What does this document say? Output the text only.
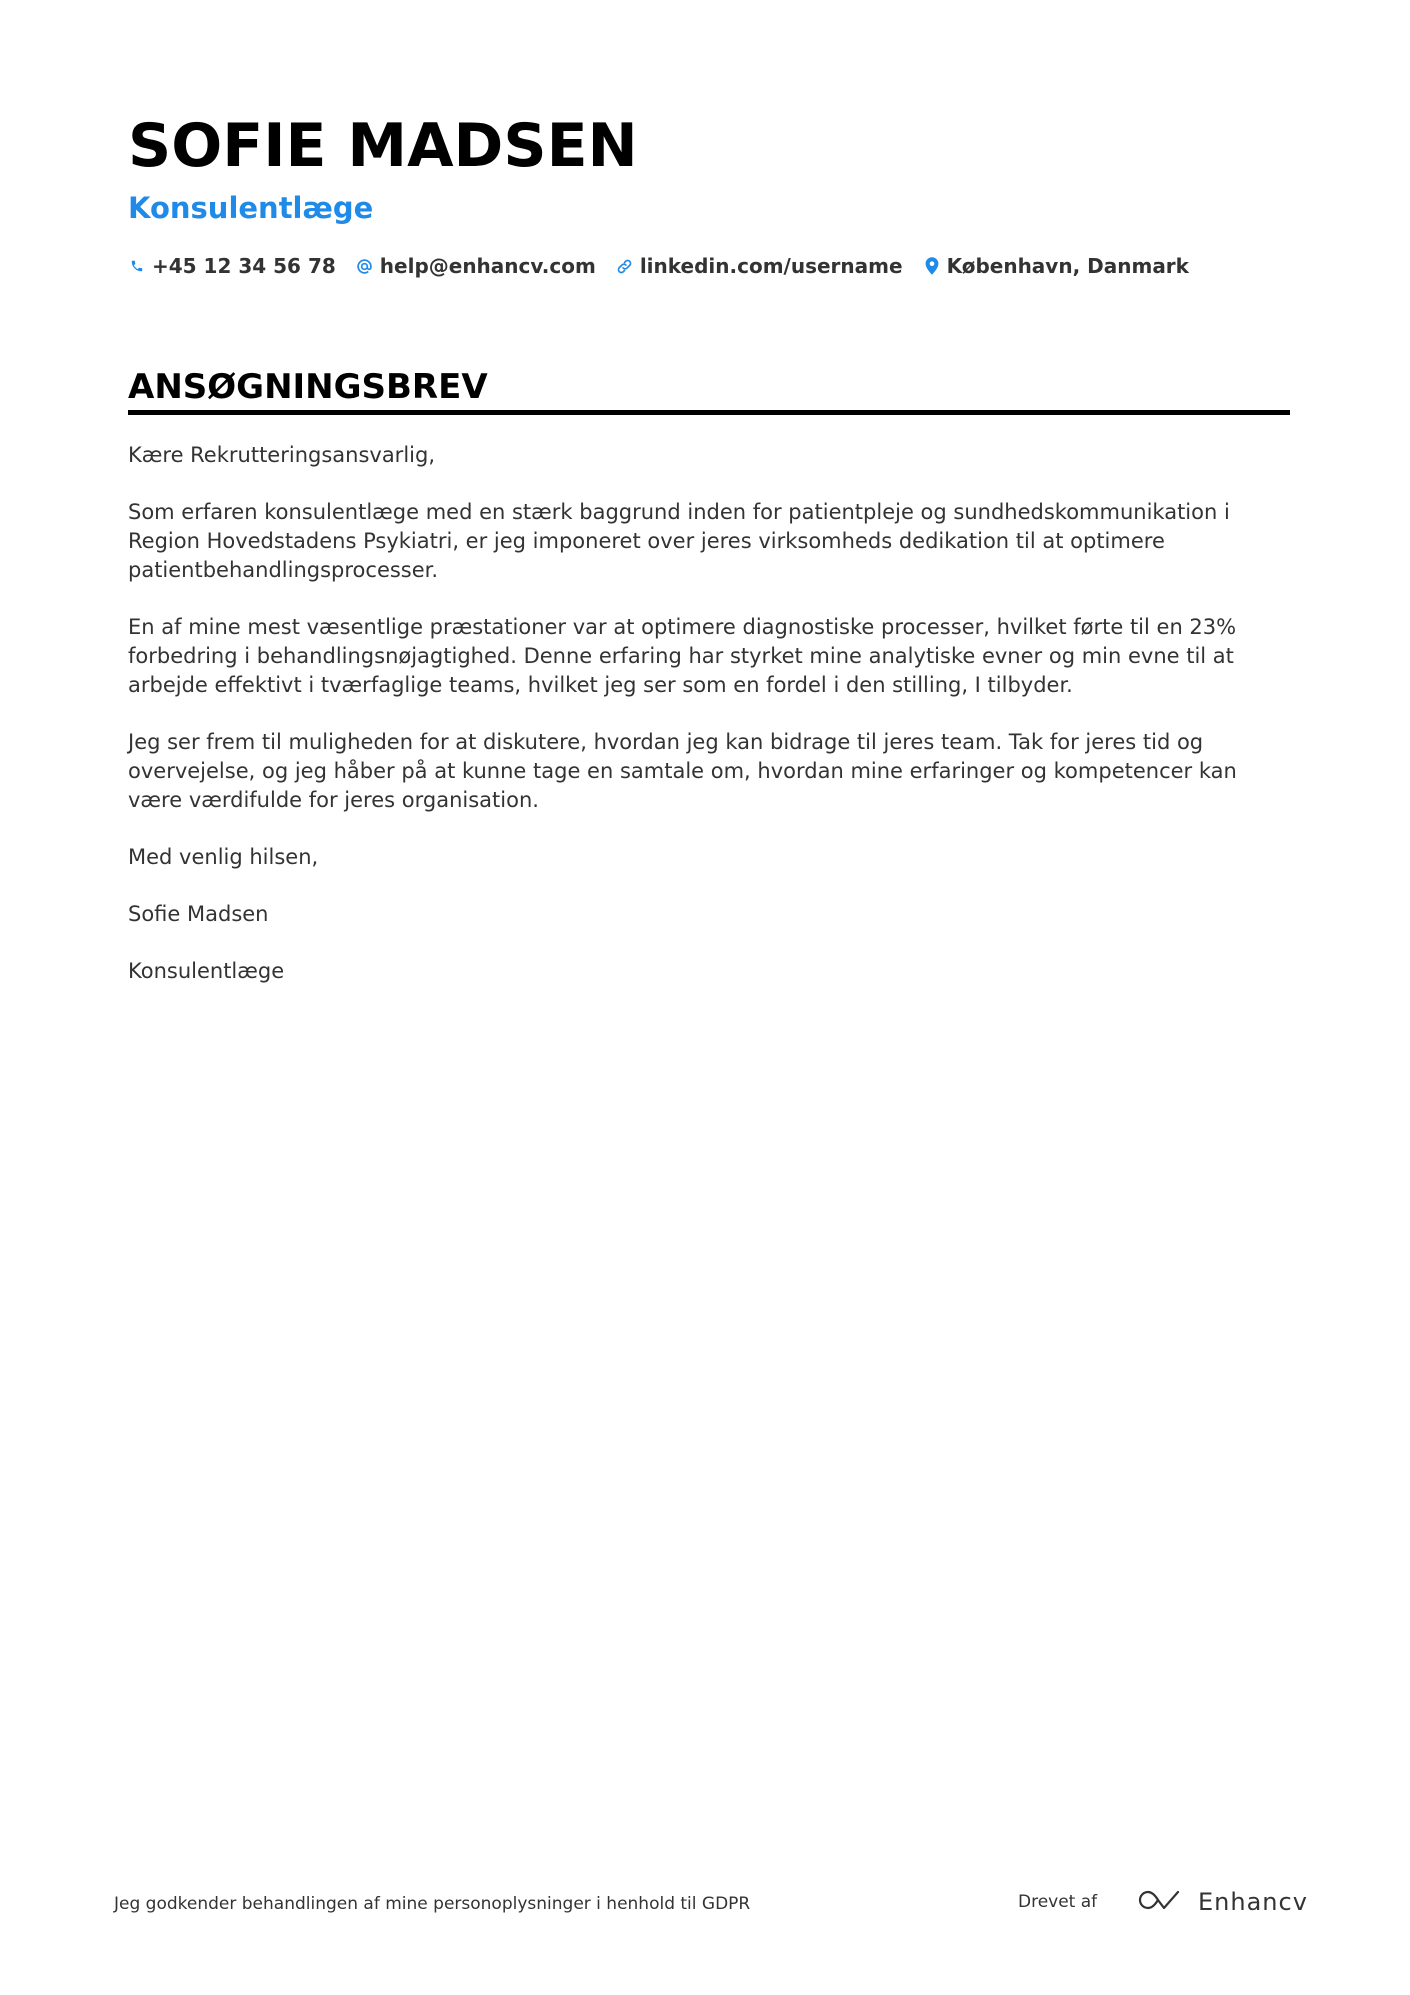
SOFIE MADSEN
Konsulentlæge
+45 12 34 56 78 help@enhancv.com linkedin.com/username København, Danmark
ANSØGNINGSBREV

Kære Rekrutteringsansvarlig,

Som erfaren konsulentlæge med en stærk baggrund inden for patientpleje og sundhedskommunikation i Region Hovedstadens Psykiatri, er jeg imponeret over jeres virksomheds dedikation til at optimere patientbehandlingsprocesser.

En af mine mest væsentlige præstationer var at optimere diagnostiske processer, hvilket førte til en 23% forbedring i behandlingsnøjagtighed. Denne erfaring har styrket mine analytiske evner og min evne til at arbejde effektivt i tværfaglige teams, hvilket jeg ser som en fordel i den stilling, I tilbyder.

Jeg ser frem til muligheden for at diskutere, hvordan jeg kan bidrage til jeres team. Tak for jeres tid og overvejelse, og jeg håber på at kunne tage en samtale om, hvordan mine erfaringer og kompetencer kan være værdifulde for jeres organisation.

Med venlig hilsen,

Sofie Madsen

Konsulentlæge

Jeg godkender behandlingen af mine personoplysninger i henhold til GDPR	Drevet af	Enhancv
